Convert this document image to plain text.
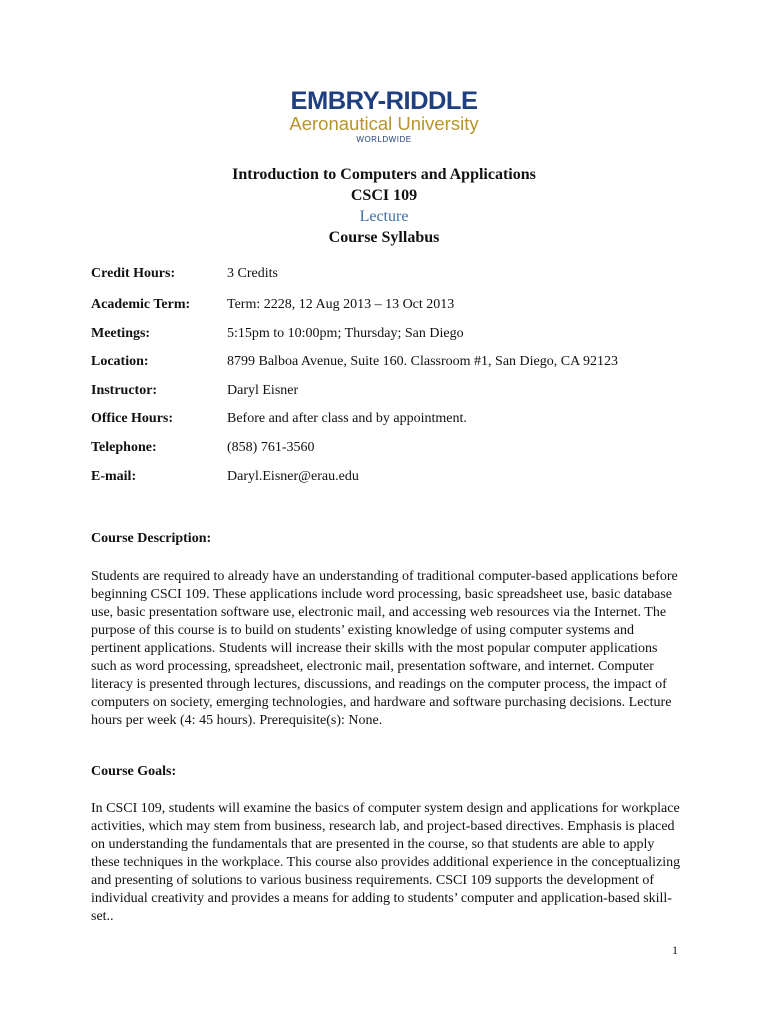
EMBRY-RIDDLE
Aeronautical University
WORLDWIDE
Introduction to Computers and Applications
CSCI 109
Lecture
Course Syllabus
Credit Hours:	3 Credits
Academic Term:	Term: 2228, 12 Aug 2013 – 13 Oct 2013
Meetings:	5:15pm to 10:00pm; Thursday; San Diego
Location:	8799 Balboa Avenue, Suite 160. Classroom #1, San Diego, CA 92123
Instructor:	Daryl Eisner
Office Hours:	Before and after class and by appointment.
Telephone:	(858) 761-3560
E-mail:	Daryl.Eisner@erau.edu
Course Description:
Students are required to already have an understanding of traditional computer-based applications before beginning CSCI 109. These applications include word processing, basic spreadsheet use, basic database use, basic presentation software use, electronic mail, and accessing web resources via the Internet. The purpose of this course is to build on students’ existing knowledge of using computer systems and pertinent applications. Students will increase their skills with the most popular computer applications such as word processing, spreadsheet, electronic mail, presentation software, and internet. Computer literacy is presented through lectures, discussions, and readings on the computer process, the impact of computers on society, emerging technologies, and hardware and software purchasing decisions. Lecture hours per week (4: 45 hours). Prerequisite(s): None.
Course Goals:
In CSCI 109, students will examine the basics of computer system design and applications for workplace activities, which may stem from business, research lab, and project-based directives. Emphasis is placed on understanding the fundamentals that are presented in the course, so that students are able to apply these techniques in the workplace. This course also provides additional experience in the conceptualizing and presenting of solutions to various business requirements. CSCI 109 supports the development of individual creativity and provides a means for adding to students’ computer and application-based skill-set..
1
